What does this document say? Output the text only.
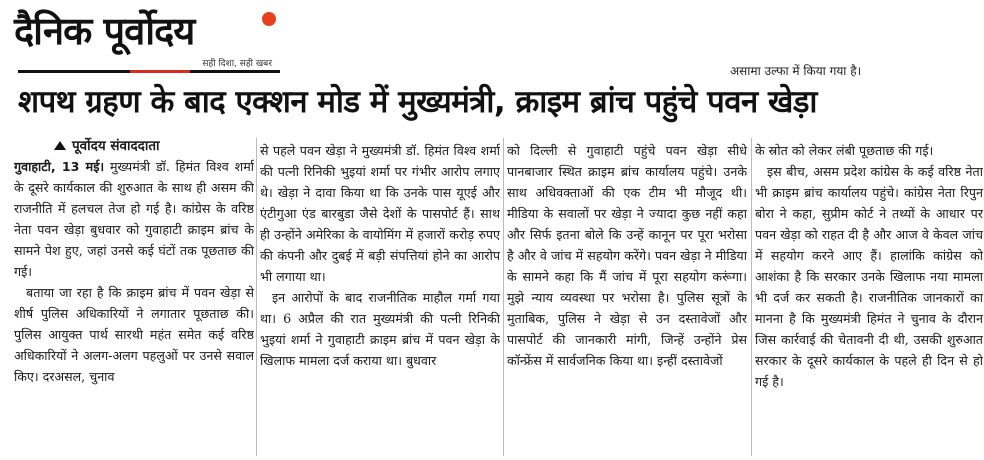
दैनिक पूर्वोदय
सही दिशा, सही खबर	असामा उल्फा में किया गया है।
शपथ ग्रहण के बाद एक्शन मोड में मुख्यमंत्री, क्राइम ब्रांच पहुंचे पवन खेड़ा
पूर्वोदय संवाददाता

गुवाहाटी, 13 मई। मुख्यमंत्री डॉ. हिमंत विश्व शर्मा के दूसरे कार्यकाल की शुरुआत के साथ ही असम की राजनीति में हलचल तेज हो गई है। कांग्रेस के वरिष्ठ नेता पवन खेड़ा बुधवार को गुवाहाटी क्राइम ब्रांच के सामने पेश हुए, जहां उनसे कई घंटों तक पूछताछ की गई।

बताया जा रहा है कि क्राइम ब्रांच में पवन खेड़ा से शीर्ष पुलिस अधिकारियों ने लगातार पूछताछ की। पुलिस आयुक्त पार्थ सारथी महंत समेत कई वरिष्ठ अधिकारियों ने अलग-अलग पहलुओं पर उनसे सवाल किए। दरअसल, चुनाव

से पहले पवन खेड़ा ने मुख्यमंत्री डॉ. हिमंत विश्व शर्मा की पत्नी रिनिकी भुइयां शर्मा पर गंभीर आरोप लगाए थे। खेड़ा ने दावा किया था कि उनके पास यूएई और एंटीगुआ एंड बारबुडा जैसे देशों के पासपोर्ट हैं। साथ ही उन्होंने अमेरिका के वायोमिंग में हजारों करोड़ रुपए की कंपनी और दुबई में बड़ी संपत्तियां होने का आरोप भी लगाया था।

इन आरोपों के बाद राजनीतिक माहौल गर्मा गया था। 6 अप्रैल की रात मुख्यमंत्री की पत्नी रिनिकी भुइयां शर्मा ने गुवाहाटी क्राइम ब्रांच में पवन खेड़ा के खिलाफ मामला दर्ज कराया था। बुधवार

को दिल्ली से गुवाहाटी पहुंचे पवन खेड़ा सीधे पानबाजार स्थित क्राइम ब्रांच कार्यालय पहुंचे। उनके साथ अधिवक्ताओं की एक टीम भी मौजूद थी। मीडिया के सवालों पर खेड़ा ने ज्यादा कुछ नहीं कहा और सिर्फ इतना बोले कि उन्हें कानून पर पूरा भरोसा है और वे जांच में सहयोग करेंगे। पवन खेड़ा ने मीडिया के सामने कहा कि मैं जांच में पूरा सहयोग करूंगा। मुझे न्याय व्यवस्था पर भरोसा है। पुलिस सूत्रों के मुताबिक, पुलिस ने खेड़ा से उन दस्तावेजों और पासपोर्ट की जानकारी मांगी, जिन्हें उन्होंने प्रेस कॉन्फ्रेंस में सार्वजनिक किया था। इन्हीं दस्तावेजों

के स्रोत को लेकर लंबी पूछताछ की गई।

इस बीच, असम प्रदेश कांग्रेस के कई वरिष्ठ नेता भी क्राइम ब्रांच कार्यालय पहुंचे। कांग्रेस नेता रिपुन बोरा ने कहा, सुप्रीम कोर्ट ने तथ्यों के आधार पर पवन खेड़ा को राहत दी है और आज वे केवल जांच में सहयोग करने आए हैं। हालांकि कांग्रेस को आशंका है कि सरकार उनके खिलाफ नया मामला भी दर्ज कर सकती है। राजनीतिक जानकारों का मानना है कि मुख्यमंत्री हिमंत ने चुनाव के दौरान जिस कार्रवाई की चेतावनी दी थी, उसकी शुरुआत सरकार के दूसरे कार्यकाल के पहले ही दिन से हो गई है।
